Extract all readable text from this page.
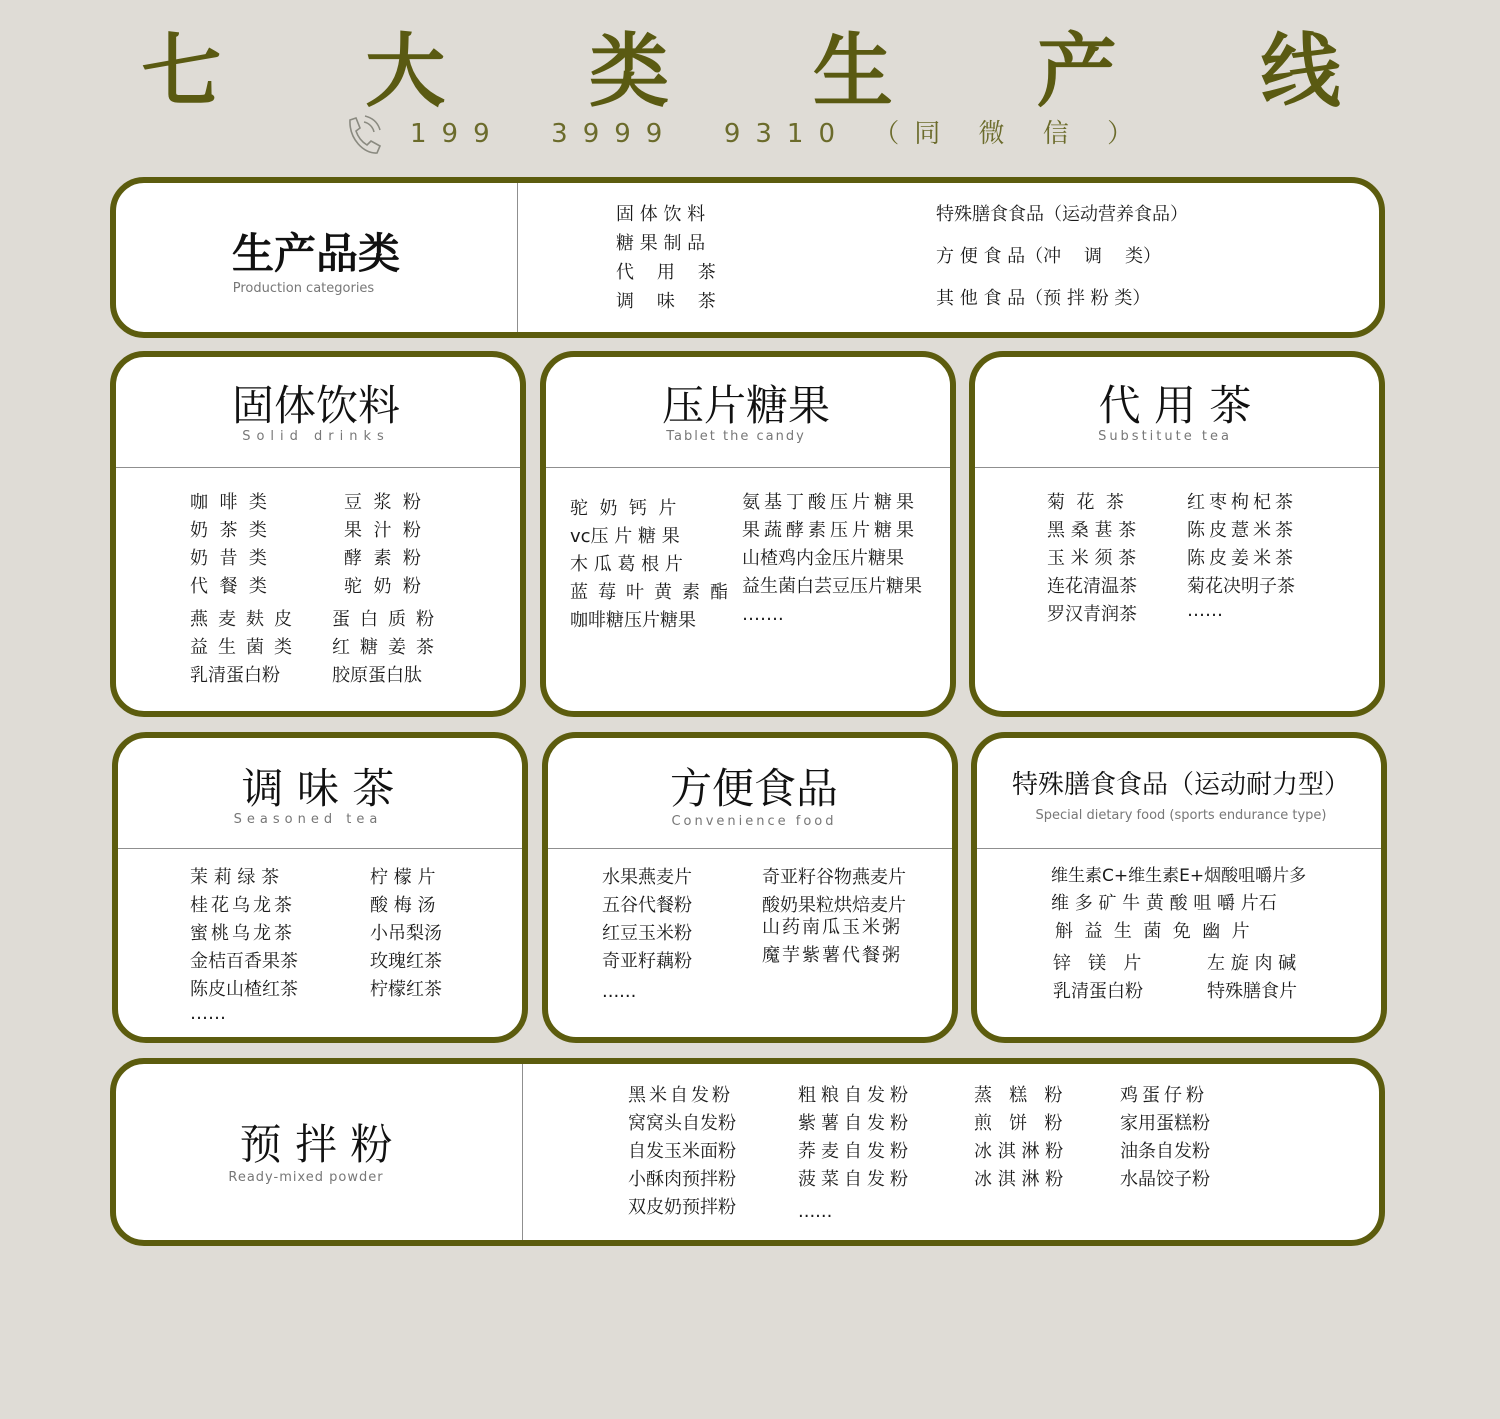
七 大 类 生 产 线
199  3999  9310 （同 微 信 ）
生产品类
Production categories
固 体 饮 料
糖 果 制 品
代    用    茶
调    味    茶
特殊膳食食品（运动营养食品）
方 便 食 品（冲    调    类）
其 他 食 品（预 拌 粉 类）
固体饮料
Solid drinks
咖  啡  类
奶  茶  类
奶  昔  类
代  餐  类
豆  浆  粉
果  汁  粉
酵  素  粉
驼  奶  粉
燕麦麸皮
益生菌类
乳清蛋白粉
蛋白质粉
红糖姜茶
胶原蛋白肽
压片糖果
Tablet the candy
驼  奶  钙  片
vc压 片 糖 果
木 瓜 葛 根 片
蓝莓叶黄素酯
咖啡糖压片糖果
氨基丁酸压片糖果
果蔬酵素压片糖果
山楂鸡内金压片糖果
益生菌白芸豆压片糖果
…….
代 用 茶
Substitute tea
菊  花  茶
黑 桑 葚 茶
玉 米 须 茶
连花清温茶
罗汉青润茶
红枣枸杞茶
陈皮薏米茶
陈皮姜米茶
菊花决明子茶
……
调 味 茶
Seasoned tea
茉 莉 绿 茶
桂花乌龙茶
蜜桃乌龙茶
金桔百香果茶
陈皮山楂红茶
……
柠 檬 片
酸 梅 汤
小吊梨汤
玫瑰红茶
柠檬红茶
方便食品
Convenience food
水果燕麦片
五谷代餐粉
红豆玉米粉
奇亚籽藕粉
......
奇亚籽谷物燕麦片
酸奶果粒烘焙麦片
山药南瓜玉米粥
魔芋紫薯代餐粥
特殊膳食食品（运动耐力型）
Special dietary food (sports endurance type)
维生素C+维生素E+烟酸咀嚼片多
维 多 矿 牛 黄 酸 咀 嚼 片石
斛  益  生  菌  免  幽  片
锌   镁   片
乳清蛋白粉
左 旋 肉 碱
特殊膳食片
预 拌 粉
Ready-mixed powder
黑米自发粉
窝窝头自发粉
自发玉米面粉
小酥肉预拌粉
双皮奶预拌粉
粗粮自发粉
紫薯自发粉
荞麦自发粉
菠菜自发粉
......
蒸   糕   粉
煎   饼   粉
冰 淇 淋 粉
冰 淇 淋 粉
鸡蛋仔粉
家用蛋糕粉
油条自发粉
水晶饺子粉
